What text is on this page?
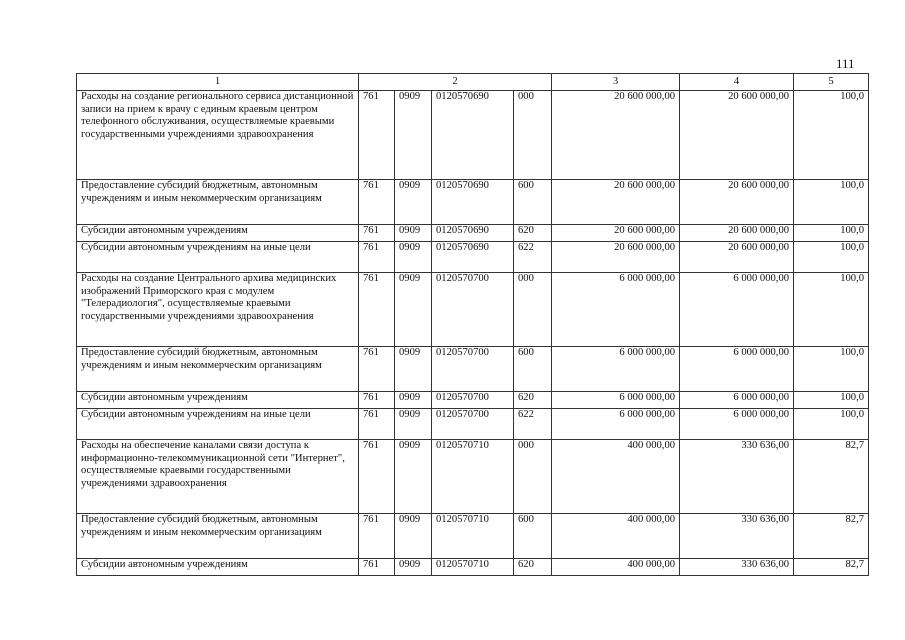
111
1	2				3	4	5
Расходы на создание регионального сервиса дистанционной записи на прием к врачу с единым краевым центром телефонного обслуживания, осуществляемые краевыми государственными учреждениями здравоохранения	761	0909	0120570690	000	20 600 000,00	20 600 000,00	100,0
Предоставление субсидий бюджетным, автономным учреждениям и иным некоммерческим организациям	761	0909	0120570690	600	20 600 000,00	20 600 000,00	100,0
Субсидии автономным учреждениям	761	0909	0120570690	620	20 600 000,00	20 600 000,00	100,0
Субсидии автономным учреждениям на иные цели	761	0909	0120570690	622	20 600 000,00	20 600 000,00	100,0
Расходы на создание Центрального архива медицинских изображений Приморского края с модулем "Телерадиология", осуществляемые краевыми государственными учреждениями здравоохранения	761	0909	0120570700	000	6 000 000,00	6 000 000,00	100,0
Предоставление субсидий бюджетным, автономным учреждениям и иным некоммерческим организациям	761	0909	0120570700	600	6 000 000,00	6 000 000,00	100,0
Субсидии автономным учреждениям	761	0909	0120570700	620	6 000 000,00	6 000 000,00	100,0
Субсидии автономным учреждениям на иные цели	761	0909	0120570700	622	6 000 000,00	6 000 000,00	100,0
Расходы на обеспечение каналами связи доступа к информационно-телекоммуникационной сети "Интернет", осуществляемые краевыми государственными учреждениями здравоохранения	761	0909	0120570710	000	400 000,00	330 636,00	82,7
Предоставление субсидий бюджетным, автономным учреждениям и иным некоммерческим организациям	761	0909	0120570710	600	400 000,00	330 636,00	82,7
Субсидии автономным учреждениям	761	0909	0120570710	620	400 000,00	330 636,00	82,7
